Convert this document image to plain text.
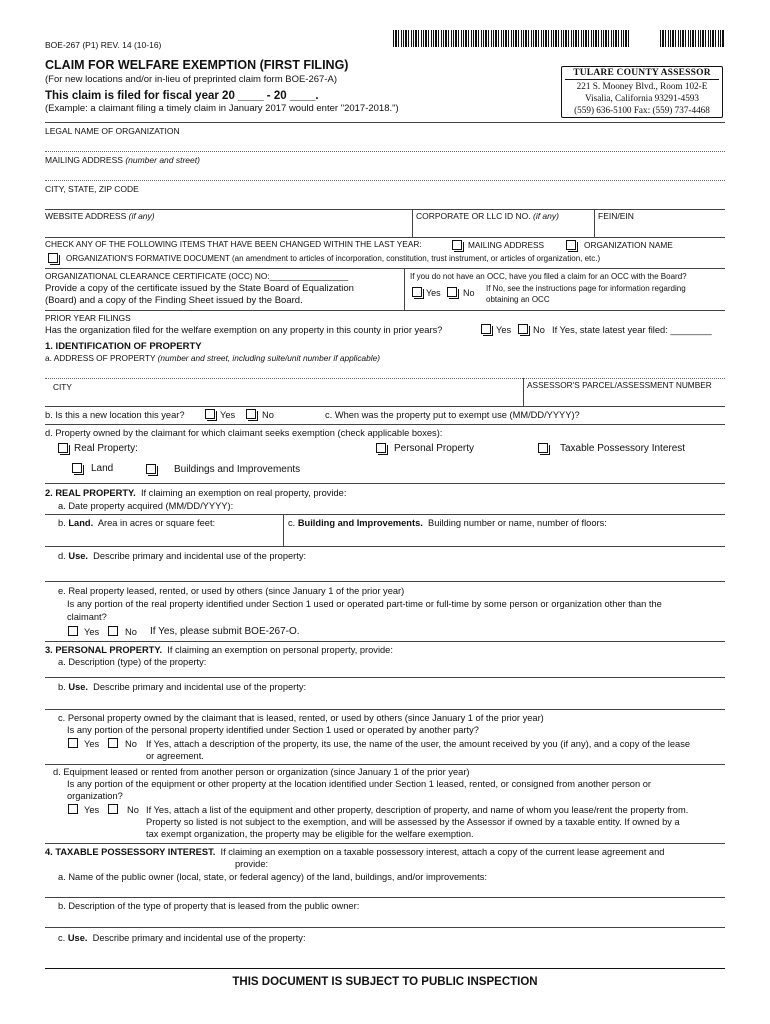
BOE-267 (P1) REV. 14 (10-16)
CLAIM FOR WELFARE EXEMPTION (FIRST FILING)
(For new locations and/or in-lieu of preprinted claim form BOE-267-A)
This claim is filed for fiscal year 20 ____ - 20 ____.
(Example: a claimant filing a timely claim in January 2017 would enter "2017-2018.")
TULARE COUNTY ASSESSOR
221 S. Mooney Blvd., Room 102-E
Visalia, California 93291-4593
(559) 636-5100 Fax: (559) 737-4468
LEGAL NAME OF ORGANIZATION
MAILING ADDRESS (number and street)
CITY, STATE, ZIP CODE
WEBSITE ADDRESS (if any)	CORPORATE OR LLC ID NO. (if any)	FEIN/EIN
CHECK ANY OF THE FOLLOWING ITEMS THAT HAVE BEEN CHANGED WITHIN THE LAST YEAR:	MAILING ADDRESS	ORGANIZATION NAME
ORGANIZATION'S FORMATIVE DOCUMENT (an amendment to articles of incorporation, constitution, trust instrument, or articles of organization, etc.)
ORGANIZATIONAL CLEARANCE CERTIFICATE (OCC) NO:_________________
Provide a copy of the certificate issued by the State Board of Equalization
(Board) and a copy of the Finding Sheet issued by the Board.
If you do not have an OCC, have you filed a claim for an OCC with the Board?
Yes No If No, see the instructions page for information regarding
obtaining an OCC
PRIOR YEAR FILINGS
Has the organization filed for the welfare exemption on any property in this county in prior years?	Yes No If Yes, state latest year filed: ________
1. IDENTIFICATION OF PROPERTY
a. ADDRESS OF PROPERTY (number and street, including suite/unit number if applicable)
CITY	ASSESSOR'S PARCEL/ASSESSMENT NUMBER
b. Is this a new location this year?	Yes	No	c. When was the property put to exempt use (MM/DD/YYYY)?
d. Property owned by the claimant for which claimant seeks exemption (check applicable boxes):
Real Property:	Personal Property	Taxable Possessory Interest
Land	Buildings and Improvements
2. REAL PROPERTY. If claiming an exemption on real property, provide:
a. Date property acquired (MM/DD/YYYY):
b. Land. Area in acres or square feet:	c. Building and Improvements. Building number or name, number of floors:
d. Use. Describe primary and incidental use of the property:
e. Real property leased, rented, or used by others (since January 1 of the prior year)
Is any portion of the real property identified under Section 1 used or operated part-time or full-time by some person or organization other than the
claimant?
Yes	No If Yes, please submit BOE-267-O.
3. PERSONAL PROPERTY. If claiming an exemption on personal property, provide:
a. Description (type) of the property:
b. Use. Describe primary and incidental use of the property:
c. Personal property owned by the claimant that is leased, rented, or used by others (since January 1 of the prior year)
Is any portion of the personal property identified under Section 1 used or operated by another party?
Yes	No If Yes, attach a description of the property, its use, the name of the user, the amount received by you (if any), and a copy of the lease
or agreement.
d. Equipment leased or rented from another person or organization (since January 1 of the prior year)
Is any portion of the equipment or other property at the location identified under Section 1 leased, rented, or consigned from another person or
organization?
Yes	No If Yes, attach a list of the equipment and other property, description of property, and name of whom you lease/rent the property from.
Property so listed is not subject to the exemption, and will be assessed by the Assessor if owned by a taxable entity. If owned by a
tax exempt organization, the property may be eligible for the welfare exemption.
4. TAXABLE POSSESSORY INTEREST. If claiming an exemption on a taxable possessory interest, attach a copy of the current lease agreement and
provide:
a. Name of the public owner (local, state, or federal agency) of the land, buildings, and/or improvements:
b. Description of the type of property that is leased from the public owner:
c. Use. Describe primary and incidental use of the property:
THIS DOCUMENT IS SUBJECT TO PUBLIC INSPECTION
